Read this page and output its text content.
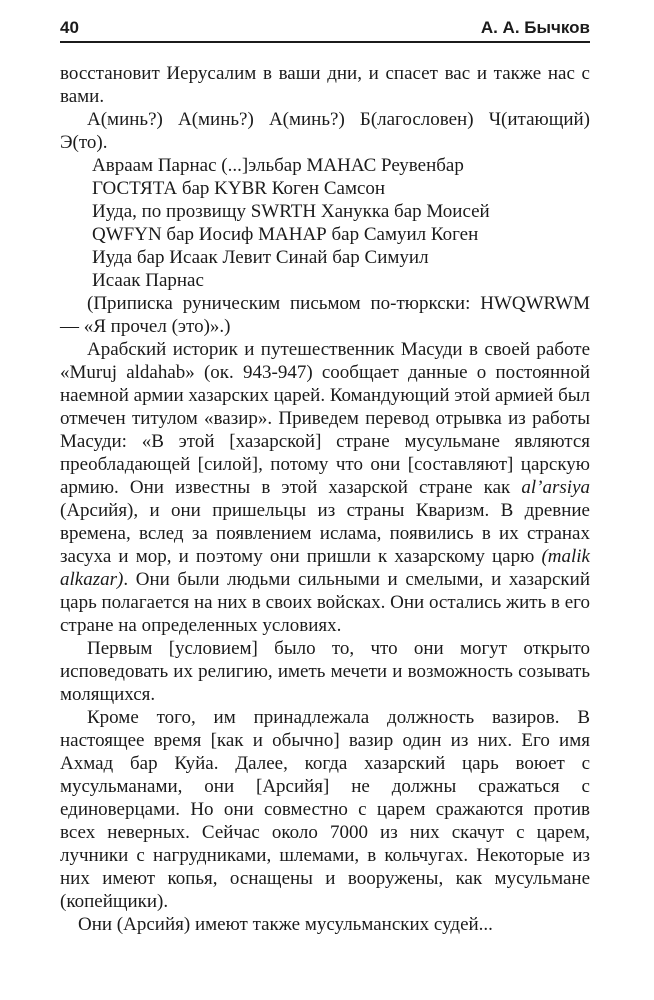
40	А. А. Бычков

восстановит Иерусалим в ваши дни, и спасет вас и также нас с вами.

А(минь?) А(минь?) А(минь?) Б(лагословен) Ч(итающий) Э(то).

Авраам Парнас (...]эльбар МАНАС Реувенбар

ГОСТЯТА бар KYBR Коген Самсон

Иуда, по прозвищу SWRTH Ханукка бар Моисей

QWFYN бар Иосиф МАНАР бар Самуил Коген

Иуда бар Исаак Левит Синай бар Симуил

Исаак Парнас

(Приписка руническим письмом по-тюркски: HWQWRWM — «Я прочел (это)».)

Арабский историк и путешественник Масуди в своей работе «Muruj aldahab» (ок. 943-947) сообщает данные о постоянной наемной армии хазарских царей. Командующий этой армией был отмечен титулом «вазир». Приведем перевод отрывка из работы Масуди: «В этой [хазарской] стране мусульмане являются преобладающей [силой], потому что они [составляют] царскую армию. Они известны в этой хазарской стране как al’arsiya (Арсийя), и они пришельцы из страны Кваризм. В древние времена, вслед за появлением ислама, появились в их странах засуха и мор, и поэтому они пришли к хазарскому царю (malik alkazar). Они были людьми сильными и смелыми, и хазарский царь полагается на них в своих войсках. Они остались жить в его стране на определенных условиях.

Первым [условием] было то, что они могут открыто исповедовать их религию, иметь мечети и возможность созывать молящихся.

Кроме того, им принадлежала должность вазиров. В настоящее время [как и обычно] вазир один из них. Его имя Ахмад бар Куйа. Далее, когда хазарский царь воюет с мусульманами, они [Арсийя] не должны сражаться с единоверцами. Но они совместно с царем сражаются против всех неверных. Сейчас около 7000 из них скачут с царем, лучники с нагрудниками, шлемами, в кольчугах. Некоторые из них имеют копья, оснащены и вооружены, как мусульмане (копейщики).

Они (Арсийя) имеют также мусульманских судей...
